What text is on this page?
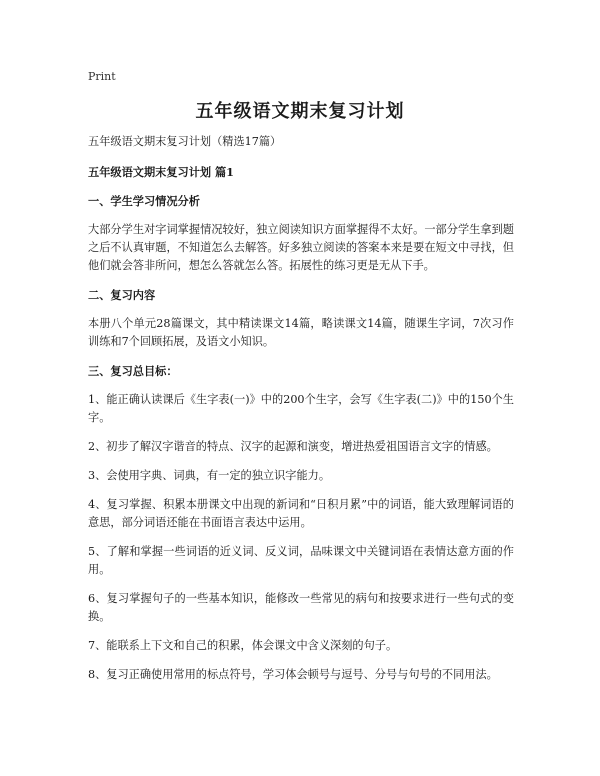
Print
五年级语文期末复习计划

五年级语文期末复习计划（精选17篇）

五年级语文期末复习计划 篇1

一、学生学习情况分析

大部分学生对字词掌握情况较好，独立阅读知识方面掌握得不太好。一部分学生拿到题之后不认真审题，不知道怎么去解答。好多独立阅读的答案本来是要在短文中寻找，但他们就会答非所问，想怎么答就怎么答。拓展性的练习更是无从下手。

二、复习内容

本册八个单元28篇课文，其中精读课文14篇，略读课文14篇，随课生字词，7次习作训练和7个回顾拓展，及语文小知识。

三、复习总目标：

1、能正确认读课后《生字表(一)》中的200个生字，会写《生字表(二)》中的150个生字。

2、初步了解汉字谐音的特点、汉字的起源和演变，增进热爱祖国语言文字的情感。

3、会使用字典、词典，有一定的独立识字能力。

4、复习掌握、积累本册课文中出现的新词和“日积月累”中的词语，能大致理解词语的意思，部分词语还能在书面语言表达中运用。

5、了解和掌握一些词语的近义词、反义词，品味课文中关键词语在表情达意方面的作用。

6、复习掌握句子的一些基本知识，能修改一些常见的病句和按要求进行一些句式的变换。

7、能联系上下文和自己的积累，体会课文中含义深刻的句子。

8、复习正确使用常用的标点符号，学习体会顿号与逗号、分号与句号的不同用法。
